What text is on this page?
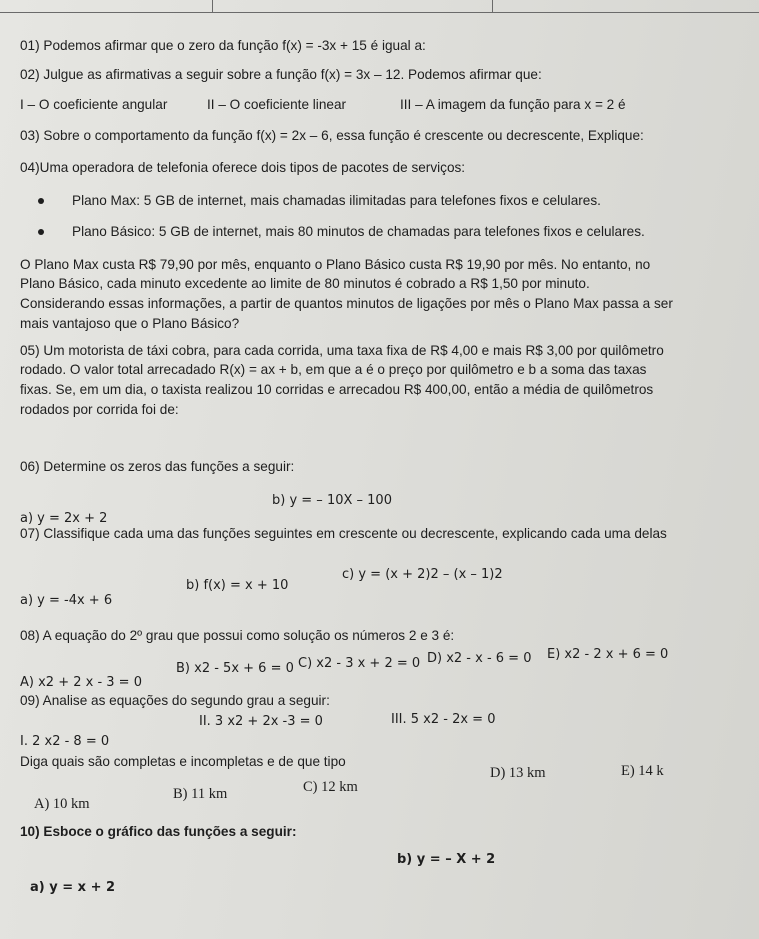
01) Podemos afirmar que o zero da função f(x) = -3x + 15 é igual a:
02) Julgue as afirmativas a seguir sobre a função f(x) = 3x – 12. Podemos afirmar que:
I – O coeficiente angular	II – O coeficiente linear	III – A imagem da função para x = 2 é
03) Sobre o comportamento da função f(x) = 2x – 6, essa função é crescente ou decrescente, Explique:
04)Uma operadora de telefonia oferece dois tipos de pacotes de serviços:
Plano Max: 5 GB de internet, mais chamadas ilimitadas para telefones fixos e celulares.
Plano Básico: 5 GB de internet, mais 80 minutos de chamadas para telefones fixos e celulares.
O Plano Max custa R$ 79,90 por mês, enquanto o Plano Básico custa R$ 19,90 por mês. No entanto, no
Plano Básico, cada minuto excedente ao limite de 80 minutos é cobrado a R$ 1,50 por minuto.
Considerando essas informações, a partir de quantos minutos de ligações por mês o Plano Max passa a ser
mais vantajoso que o Plano Básico?
05) Um motorista de táxi cobra, para cada corrida, uma taxa fixa de R$ 4,00 e mais R$ 3,00 por quilômetro
rodado. O valor total arrecadado R(x) = ax + b, em que a é o preço por quilômetro e b a soma das taxas
fixas. Se, em um dia, o taxista realizou 10 corridas e arrecadou R$ 400,00, então a média de quilômetros
rodados por corrida foi de:
06) Determine os zeros das funções a seguir:
b) y = – 10X – 100
a) y = 2x + 2
07) Classifique cada uma das funções seguintes em crescente ou decrescente, explicando cada uma delas
a) y = -4x + 6
b) f(x) = x + 10
c) y = (x + 2)2 – (x – 1)2
08) A equação do 2º grau que possui como solução os números 2 e 3 é:
A) x2 + 2 x - 3 = 0
B) x2 - 5x + 6 = 0 C) x2 - 3 x + 2 = 0 D) x2 - x - 6 = 0 E) x2 - 2 x + 6 = 0
09) Analise as equações do segundo grau a seguir:
II. 3 x2 + 2x -3 = 0	III. 5 x2 - 2x = 0
I. 2 x2 - 8 = 0
Diga quais são completas e incompletas e de que tipo
D) 13 km	E) 14 k
C) 12 km
B) 11 km
A) 10 km
10) Esboce o gráfico das funções a seguir:
b) y = – X + 2
a) y = x + 2
